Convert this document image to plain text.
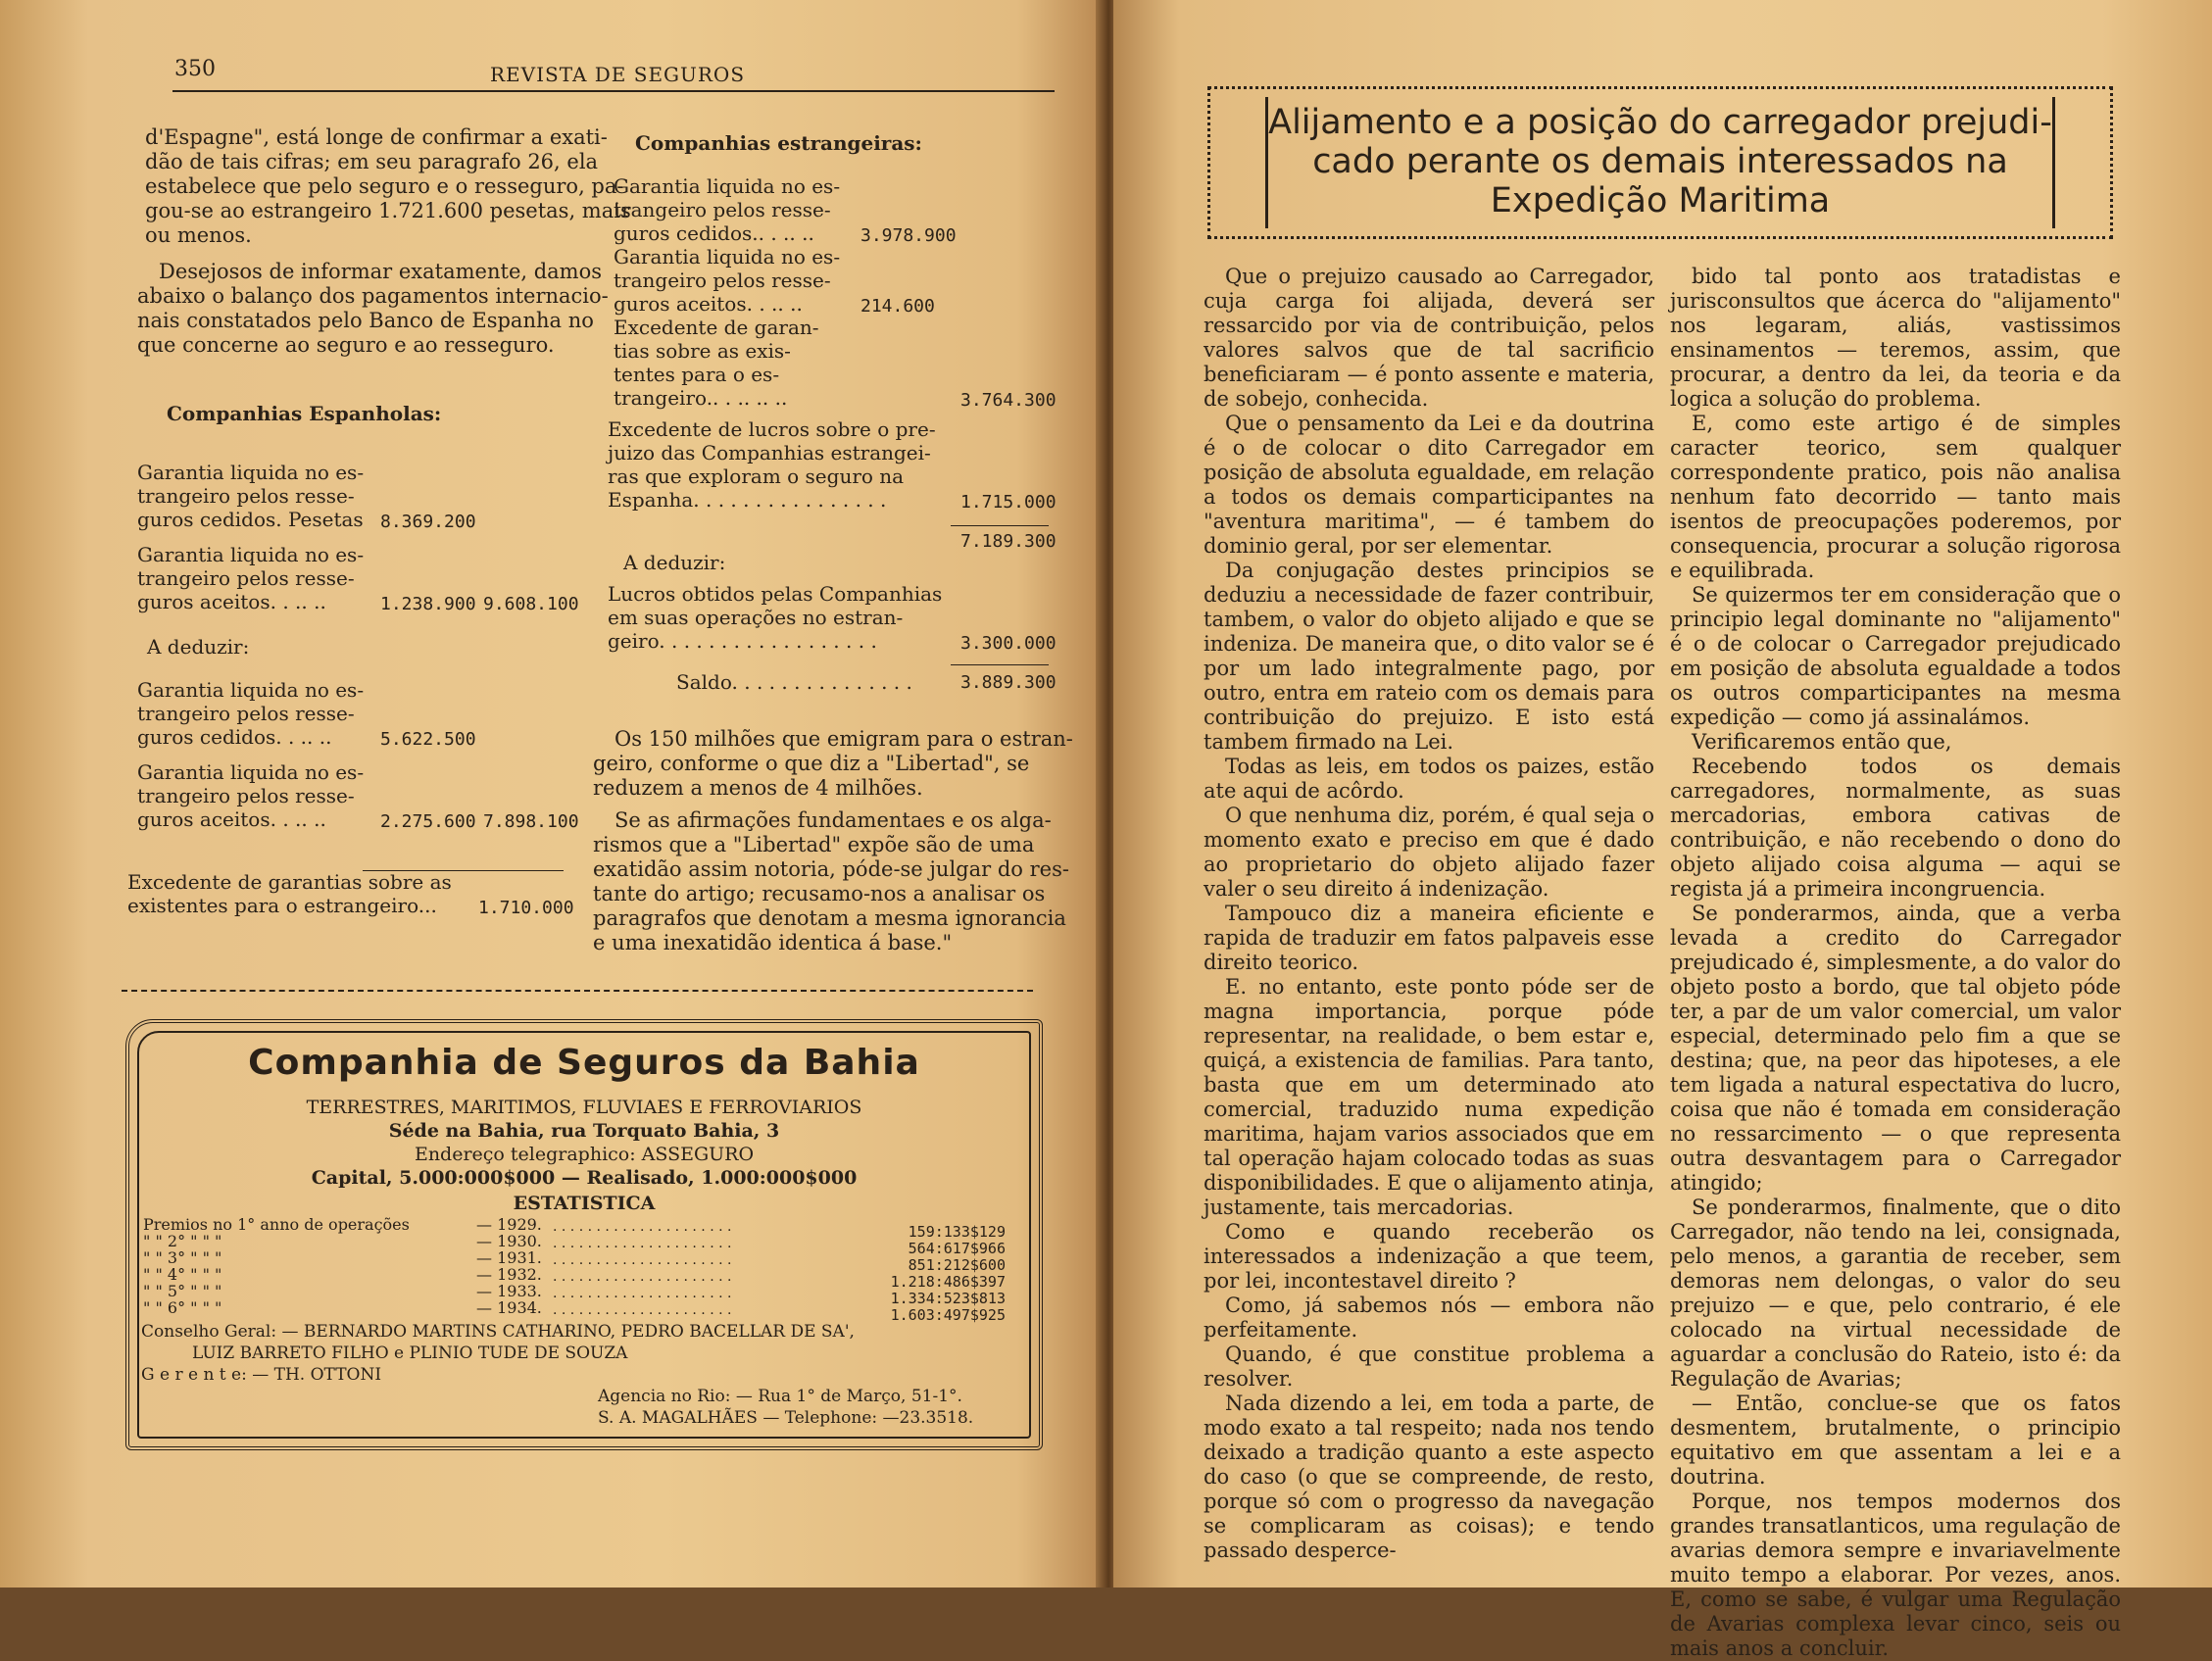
350	REVISTA DE SEGUROS
d'Espagne", está longe de confirmar a exati-
dão de tais cifras; em seu paragrafo 26, ela
estabelece que pelo seguro e o resseguro, pa-
gou-se ao estrangeiro 1.721.600 pesetas, mais
ou menos.
Desejosos de informar exatamente, damos
abaixo o balanço dos pagamentos internacio-
nais constatados pelo Banco de Espanha no
que concerne ao seguro e ao resseguro.
Companhias Espanholas:
Garantia liquida no es-
trangeiro pelos resse-
guros cedidos. Pesetas 8.369.200
Garantia liquida no es-
trangeiro pelos resse-
guros aceitos. . .. ..	1.238.900 9.608.100
A deduzir:
Garantia liquida no es-
trangeiro pelos resse-
guros cedidos. . .. ..	5.622.500
Garantia liquida no es-
trangeiro pelos resse-
guros aceitos. . .. ..	2.275.600 7.898.100
Excedente de garantias sobre as
existentes para o estrangeiro... 1.710.000
Companhias estrangeiras:
Garantia liquida no es-
trangeiro pelos resse-
guros cedidos.. . .. ..	3.978.900
Garantia liquida no es-
trangeiro pelos resse-
guros aceitos. . .. ..	214.600
Excedente de garan-
tias sobre as exis-
tentes para o es-
trangeiro.. . .. .. ..	3.764.300
Excedente de lucros sobre o pre-
juizo das Companhias estrangei-
ras que exploram o seguro na
Espanha. . . . . . . . . . . . . . . .	1.715.000
7.189.300
A deduzir:
Lucros obtidos pelas Companhias
em suas operações no estran-
geiro. . . . . . . . . . . . . . . . . .	3.300.000
Saldo. . . . . . . . . . . . . . .	3.889.300
Os 150 milhões que emigram para o estran-
geiro, conforme o que diz a "Libertad", se
reduzem a menos de 4 milhões.
Se as afirmações fundamentaes e os alga-
rismos que a "Libertad" expõe são de uma
exatidão assim notoria, póde-se julgar do res-
tante do artigo; recusamo-nos a analisar os
paragrafos que denotam a mesma ignorancia
e uma inexatidão identica á base."
Companhia de Seguros da Bahia
TERRESTRES, MARITIMOS, FLUVIAES E FERROVIARIOS
Séde na Bahia, rua Torquato Bahia, 3
Endereço telegraphico: ASSEGURO
Capital, 5.000:000$000 — Realisado, 1.000:000$000
ESTATISTICA
Premios no 1° anno de operações	— 1929. . . . . . . . . . . . . . . . . . . . . .	159:133$129
" " 2° " " "	— 1930. . . . . . . . . . . . . . . . . . . . . .	564:617$966
" " 3° " " "	— 1931. . . . . . . . . . . . . . . . . . . . . .	851:212$600
" " 4° " " "	— 1932. . . . . . . . . . . . . . . . . . . . . .	1.218:486$397
" " 5° " " "	— 1933. . . . . . . . . . . . . . . . . . . . . .	1.334:523$813
" " 6° " " "	— 1934. . . . . . . . . . . . . . . . . . . . . .	1.603:497$925
Conselho Geral: — BERNARDO MARTINS CATHARINO, PEDRO BACELLAR DE SA',
LUIZ BARRETO FILHO e PLINIO TUDE DE SOUZA
G e r e n t e: — TH. OTTONI
Agencia no Rio: — Rua 1° de Março, 51-1°.
S. A. MAGALHÃES — Telephone: —23.3518.
Alijamento e a posição do carregador prejudi-
cado perante os demais interessados na
Expedição Maritima

Que o prejuizo causado ao Carregador, cuja carga foi alijada, deverá ser ressarcido por via de contribuição, pelos valores salvos que de tal sacrificio beneficiaram — é ponto assente e materia, de sobejo, conhecida.

Que o pensamento da Lei e da doutrina é o de colocar o dito Carregador em posição de absoluta egualdade, em relação a todos os demais comparticipantes na "aventura maritima", — é tambem do dominio geral, por ser elementar.

Da conjugação destes principios se deduziu a necessidade de fazer contribuir, tambem, o valor do objeto alijado e que se indeniza. De maneira que, o dito valor se é por um lado integralmente pago, por outro, entra em rateio com os demais para contribuição do prejuizo. E isto está tambem firmado na Lei.

Todas as leis, em todos os paizes, estão ate aqui de acôrdo.

O que nenhuma diz, porém, é qual seja o momento exato e preciso em que é dado ao proprietario do objeto alijado fazer valer o seu direito á indenização.

Tampouco diz a maneira eficiente e rapida de traduzir em fatos palpaveis esse direito teorico.

E. no entanto, este ponto póde ser de magna importancia, porque póde representar, na realidade, o bem estar e, quiçá, a existencia de familias. Para tanto, basta que em um determinado ato comercial, traduzido numa expedição maritima, hajam varios associados que em tal operação hajam colocado todas as suas disponibilidades. E que o alijamento atinja, justamente, tais mercadorias.

Como e quando receberão os interessados a indenização a que teem, por lei, incontestavel direito ?

Como, já sabemos nós — embora não perfeitamente.

Quando, é que constitue problema a resolver.

Nada dizendo a lei, em toda a parte, de modo exato a tal respeito; nada nos tendo deixado a tradição quanto a este aspecto do caso (o que se compreende, de resto, porque só com o progresso da navegação se complicaram as coisas); e tendo passado desperce-

bido tal ponto aos tratadistas e jurisconsultos que ácerca do "alijamento" nos legaram, aliás, vastissimos ensinamentos — teremos, assim, que procurar, a dentro da lei, da teoria e da logica a solução do problema.

E, como este artigo é de simples caracter teorico, sem qualquer correspondente pratico, pois não analisa nenhum fato decorrido — tanto mais isentos de preocupações poderemos, por consequencia, procurar a solução rigorosa e equilibrada.

Se quizermos ter em consideração que o principio legal dominante no "alijamento" é o de colocar o Carregador prejudicado em posição de absoluta egualdade a todos os outros comparticipantes na mesma expedição — como já assinalámos.

Verificaremos então que,

Recebendo todos os demais carregadores, normalmente, as suas mercadorias, embora cativas de contribuição, e não recebendo o dono do objeto alijado coisa alguma — aqui se regista já a primeira incongruencia.

Se ponderarmos, ainda, que a verba levada a credito do Carregador prejudicado é, simplesmente, a do valor do objeto posto a bordo, que tal objeto póde ter, a par de um valor comercial, um valor especial, determinado pelo fim a que se destina; que, na peor das hipoteses, a ele tem ligada a natural espectativa do lucro, coisa que não é tomada em consideração no ressarcimento — o que representa outra desvantagem para o Carregador atingido;

Se ponderarmos, finalmente, que o dito Carregador, não tendo na lei, consignada, pelo menos, a garantia de receber, sem demoras nem delongas, o valor do seu prejuizo — e que, pelo contrario, é ele colocado na virtual necessidade de aguardar a conclusão do Rateio, isto é: da Regulação de Avarias;

— Então, conclue-se que os fatos desmentem, brutalmente, o principio equitativo em que assentam a lei e a doutrina.

Porque, nos tempos modernos dos grandes transatlanticos, uma regulação de avarias demora sempre e invariavelmente muito tempo a elaborar. Por vezes, anos. E, como se sabe, é vulgar uma Regulação de Avarias complexa levar cinco, seis ou mais anos a concluir.
